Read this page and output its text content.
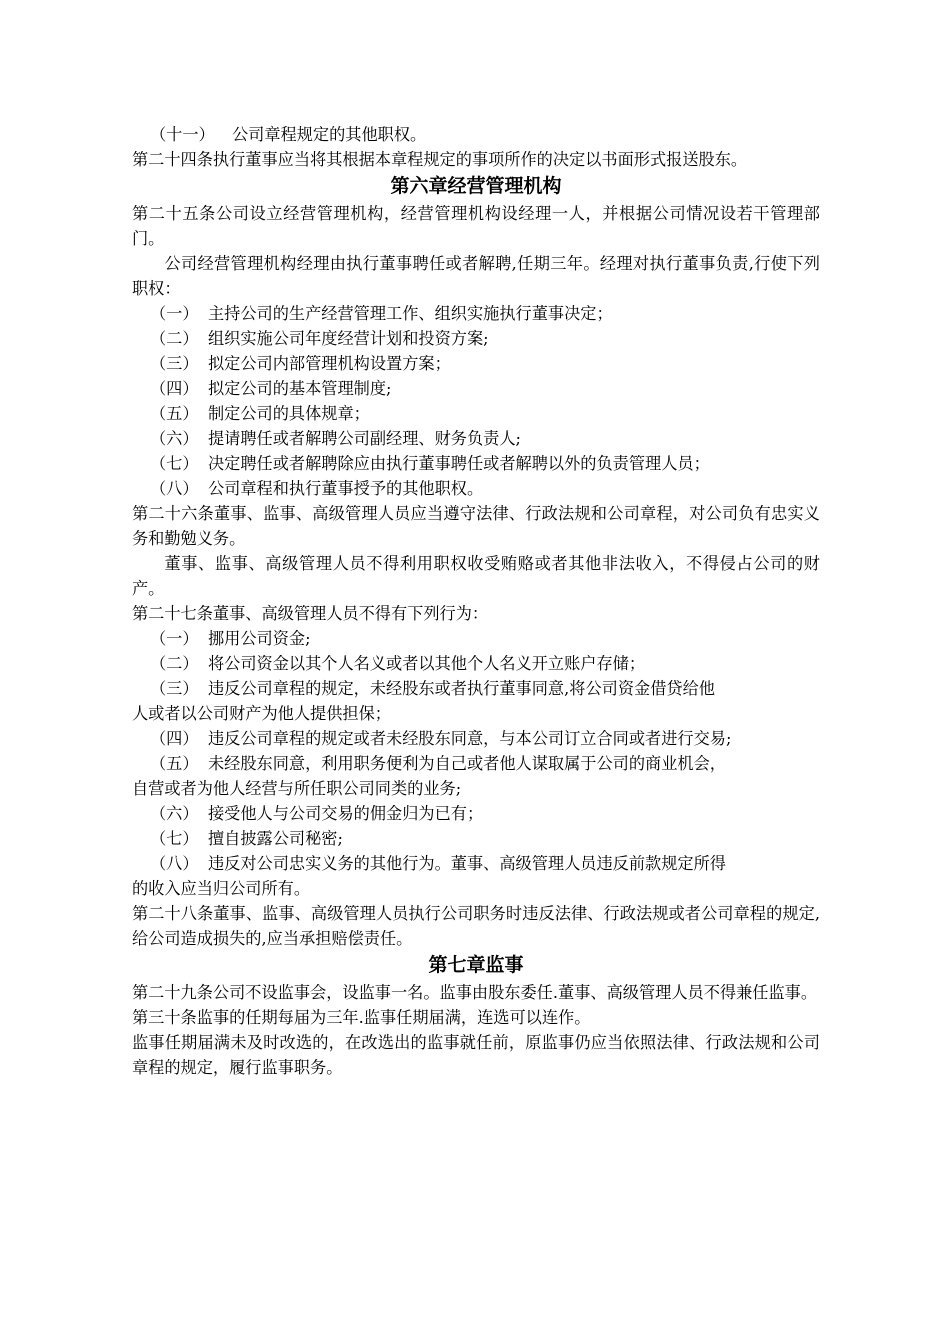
（十一）	公司章程规定的其他职权。

第二十四条执行董事应当将其根据本章程规定的事项所作的决定以书面形式报送股东。

第六章经营管理机构

第二十五条公司设立经营管理机构，经营管理机构设经理一人，并根据公司情况设若干管理部门。

公司经营管理机构经理由执行董事聘任或者解聘,任期三年。经理对执行董事负责,行使下列职权：

（一） 主持公司的生产经营管理工作、组织实施执行董事决定；
（二） 组织实施公司年度经营计划和投资方案;
（三） 拟定公司内部管理机构设置方案；
（四） 拟定公司的基本管理制度;
（五） 制定公司的具体规章；
（六） 提请聘任或者解聘公司副经理、财务负责人;
（七） 决定聘任或者解聘除应由执行董事聘任或者解聘以外的负责管理人员；
（八） 公司章程和执行董事授予的其他职权。

第二十六条董事、监事、高级管理人员应当遵守法律、行政法规和公司章程，对公司负有忠实义务和勤勉义务。

董事、监事、高级管理人员不得利用职权收受贿赂或者其他非法收入，不得侵占公司的财产。

第二十七条董事、高级管理人员不得有下列行为：

（一） 挪用公司资金;
（二） 将公司资金以其个人名义或者以其他个人名义开立账户存储；
（三） 违反公司章程的规定，未经股东或者执行董事同意,将公司资金借贷给他

人或者以公司财产为他人提供担保；

（四） 违反公司章程的规定或者未经股东同意，与本公司订立合同或者进行交易;
（五） 未经股东同意，利用职务便利为自己或者他人谋取属于公司的商业机会，

自营或者为他人经营与所任职公司同类的业务;

（六） 接受他人与公司交易的佣金归为已有；
（七） 擅自披露公司秘密;
（八） 违反对公司忠实义务的其他行为。董事、高级管理人员违反前款规定所得

的收入应当归公司所有。

第二十八条董事、监事、高级管理人员执行公司职务时违反法律、行政法规或者公司章程的规定,给公司造成损失的,应当承担赔偿责任。

第七章监事

第二十九条公司不设监事会，设监事一名。监事由股东委任.董事、高级管理人员不得兼任监事。

第三十条监事的任期每届为三年.监事任期届满，连选可以连作。

监事任期届满未及时改选的，在改选出的监事就任前，原监事仍应当依照法律、行政法规和公司章程的规定，履行监事职务。
